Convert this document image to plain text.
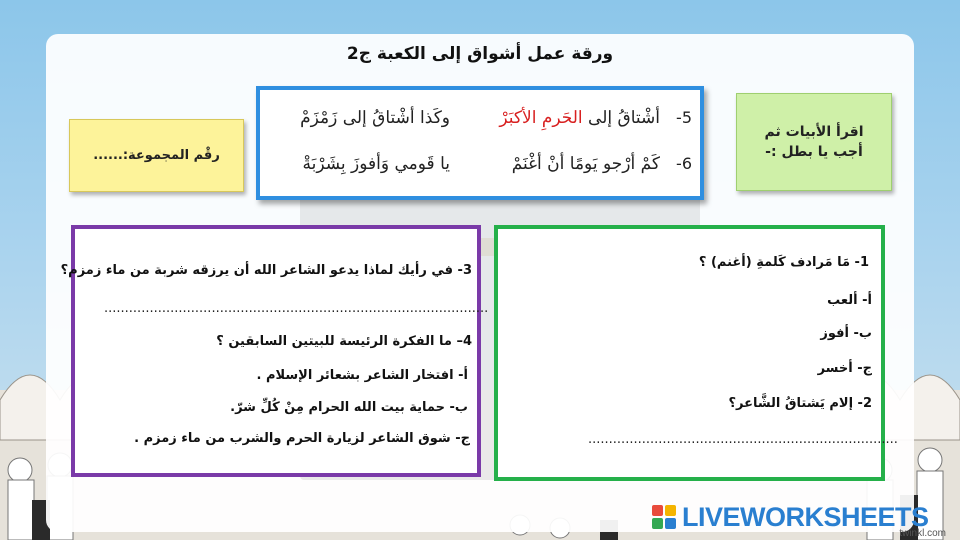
ورقة عمل أشواق إلى الكعبة ج2
5-
أشْتاقُ إلى الحَرمِ الأكبَرْ
وكَذا أشْتاقُ إلى زَمْزَمْ
6-
كَمْ أرْجو يَومًا أنْ أغْنَمْ
يا قَومي وَأفوزَ بِشَرْبَةْ
اقرأ الأبيات ثم
أجب يا بطل :-
رقْم المجموعة:......
3- في رأيك لماذا يدعو الشاعر الله أن يرزقه شربة من ماء زمزم؟
.............................................................................................
4– ما الفكرة الرئيسة للبيتين السابقين ؟
أ- افتخار الشاعر بشعائر الإسلام .
ب- حماية بيت الله الحرام مِنْ كُلِّ شرّ.
ج- شوق الشاعر لزيارة الحرم والشرب من ماء زمزم .
1- مَا مَرادف كَلمةِ (أغنم) ؟
أ- ألعب
ب- أفوز
ج- أخسر
2- إلام يَشتاقُ الشَّاعر؟
...........................................................................
LIVEWORKSHEETS
twinkl.com
